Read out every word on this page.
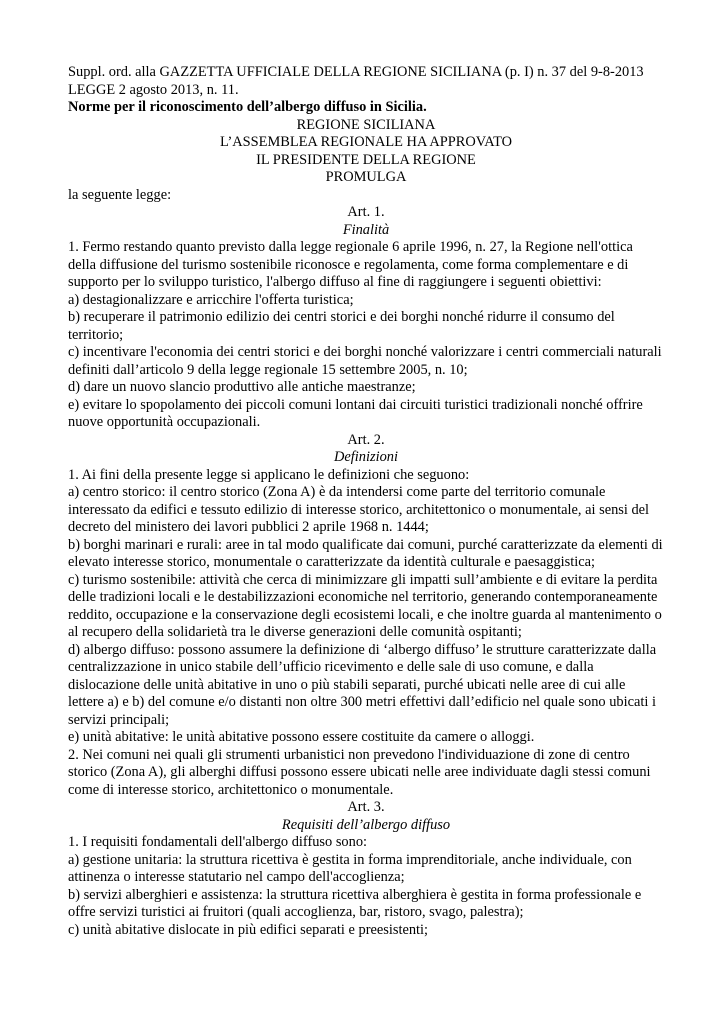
Suppl. ord. alla GAZZETTA UFFICIALE DELLA REGIONE SICILIANA (p. I) n. 37 del 9-8-2013
LEGGE 2 agosto 2013, n. 11.
Norme per il riconoscimento dell’albergo diffuso in Sicilia.
REGIONE SICILIANA
L’ASSEMBLEA REGIONALE HA APPROVATO
IL PRESIDENTE DELLA REGIONE
PROMULGA
la seguente legge:
Art. 1.
Finalità
1. Fermo restando quanto previsto dalla legge regionale 6 aprile 1996, n. 27, la Regione nell'ottica della diffusione del turismo sostenibile riconosce e regolamenta, come forma complementare e di supporto per lo sviluppo turistico, l'albergo diffuso al fine di raggiungere i seguenti obiettivi:
a) destagionalizzare e arricchire l'offerta turistica;
b) recuperare il patrimonio edilizio dei centri storici e dei borghi nonché ridurre il consumo del territorio;
c) incentivare l'economia dei centri storici e dei borghi nonché valorizzare i centri commerciali naturali definiti dall’articolo 9 della legge regionale 15 settembre 2005, n. 10;
d) dare un nuovo slancio produttivo alle antiche maestranze;
e) evitare lo spopolamento dei piccoli comuni lontani dai circuiti turistici tradizionali nonché offrire nuove opportunità occupazionali.
Art. 2.
Definizioni
1. Ai fini della presente legge si applicano le definizioni che seguono:
a) centro storico: il centro storico (Zona A) è da intendersi come parte del territorio comunale interessato da edifici e tessuto edilizio di interesse storico, architettonico o monumentale, ai sensi del decreto del ministero dei lavori pubblici 2 aprile 1968 n. 1444;
b) borghi marinari e rurali: aree in tal modo qualificate dai comuni, purché caratterizzate da elementi di elevato interesse storico, monumentale o caratterizzate da identità culturale e paesaggistica;
c) turismo sostenibile: attività che cerca di minimizzare gli impatti sull’ambiente e di evitare la perdita delle tradizioni locali e le destabilizzazioni economiche nel territorio, generando contemporaneamente reddito, occupazione e la conservazione degli ecosistemi locali, e che inoltre guarda al mantenimento o al recupero della solidarietà tra le diverse generazioni delle comunità ospitanti;
d) albergo diffuso: possono assumere la definizione di ‘albergo diffuso’ le strutture caratterizzate dalla centralizzazione in unico stabile dell’ufficio ricevimento e delle sale di uso comune, e dalla dislocazione delle unità abitative in uno o più stabili separati, purché ubicati nelle aree di cui alle lettere a) e b) del comune e/o distanti non oltre 300 metri effettivi dall’edificio nel quale sono ubicati i servizi principali;
e) unità abitative: le unità abitative possono essere costituite da camere o alloggi.
2. Nei comuni nei quali gli strumenti urbanistici non prevedono l'individuazione di zone di centro storico (Zona A), gli alberghi diffusi possono essere ubicati nelle aree individuate dagli stessi comuni come di interesse storico, architettonico o monumentale.
Art. 3.
Requisiti dell’albergo diffuso
1. I requisiti fondamentali dell'albergo diffuso sono:
a) gestione unitaria: la struttura ricettiva è gestita in forma imprenditoriale, anche individuale, con attinenza o interesse statutario nel campo dell'accoglienza;
b) servizi alberghieri e assistenza: la struttura ricettiva alberghiera è gestita in forma professionale e offre servizi turistici ai fruitori (quali accoglienza, bar, ristoro, svago, palestra);
c) unità abitative dislocate in più edifici separati e preesistenti;
